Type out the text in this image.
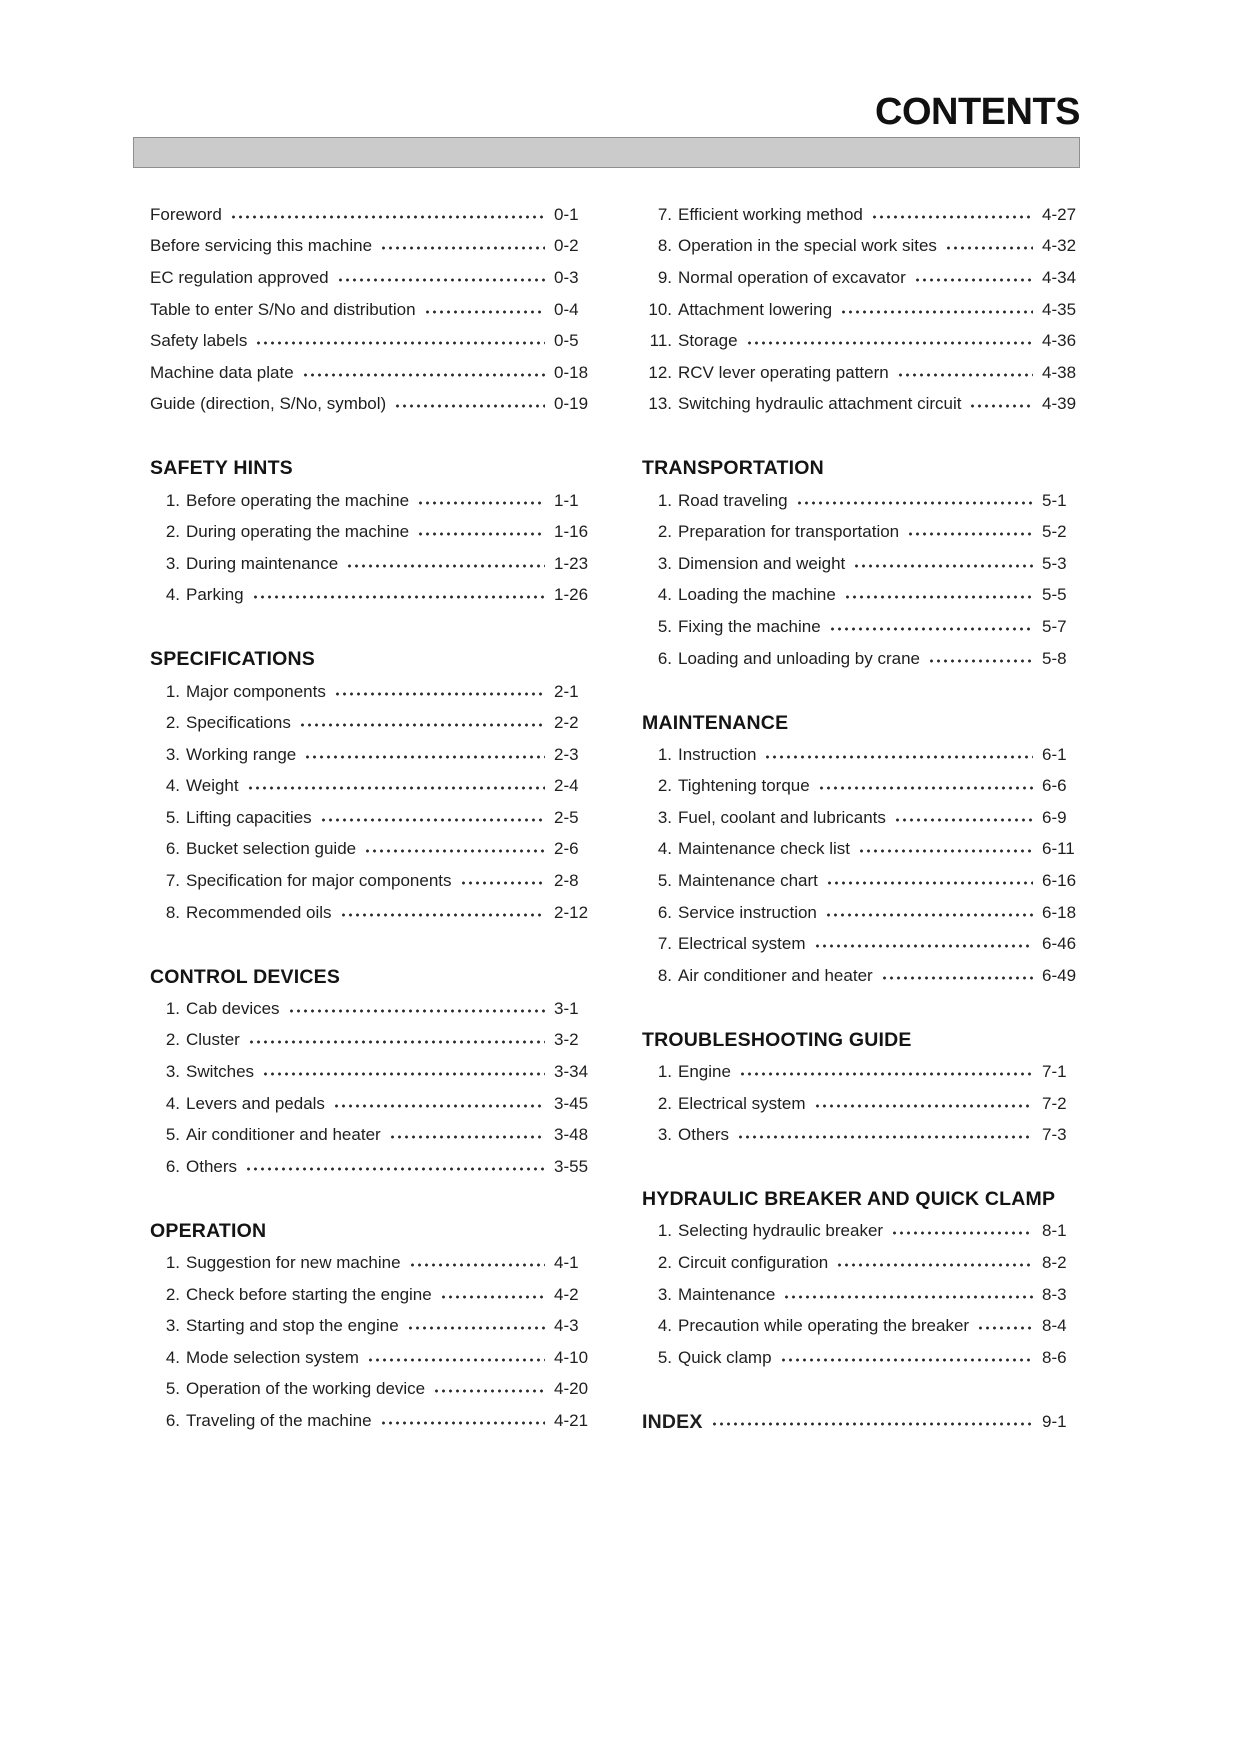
CONTENTS
Foreword	0-1
Before servicing this machine	0-2
EC regulation approved	0-3
Table to enter S/No and distribution	0-4
Safety labels	0-5
Machine data plate	0-18
Guide (direction, S/No, symbol)	0-19
SAFETY HINTS
1. Before operating the machine	1-1
2. During operating the machine	1-16
3. During maintenance	1-23
4. Parking	1-26
SPECIFICATIONS
1. Major components	2-1
2. Specifications	2-2
3. Working range	2-3
4. Weight	2-4
5. Lifting capacities	2-5
6. Bucket selection guide	2-6
7. Specification for major components	2-8
8. Recommended oils	2-12
CONTROL DEVICES
1. Cab devices	3-1
2. Cluster	3-2
3. Switches	3-34
4. Levers and pedals	3-45
5. Air conditioner and heater	3-48
6. Others	3-55
OPERATION
1. Suggestion for new machine	4-1
2. Check before starting the engine	4-2
3. Starting and stop the engine	4-3
4. Mode selection system	4-10
5. Operation of the working device	4-20
6. Traveling of the machine	4-21
7. Efficient working method	4-27
8. Operation in the special work sites	4-32
9. Normal operation of excavator	4-34
10. Attachment lowering	4-35
11. Storage	4-36
12. RCV lever operating pattern	4-38
13. Switching hydraulic attachment circuit	4-39
TRANSPORTATION
1. Road traveling	5-1
2. Preparation for transportation	5-2
3. Dimension and weight	5-3
4. Loading the machine	5-5
5. Fixing the machine	5-7
6. Loading and unloading by crane	5-8
MAINTENANCE
1. Instruction	6-1
2. Tightening torque	6-6
3. Fuel, coolant and lubricants	6-9
4. Maintenance check list	6-11
5. Maintenance chart	6-16
6. Service instruction	6-18
7. Electrical system	6-46
8. Air conditioner and heater	6-49
TROUBLESHOOTING GUIDE
1. Engine	7-1
2. Electrical system	7-2
3. Others	7-3
HYDRAULIC BREAKER AND QUICK CLAMP
1. Selecting hydraulic breaker	8-1
2. Circuit configuration	8-2
3. Maintenance	8-3
4. Precaution while operating the breaker	8-4
5. Quick clamp	8-6
INDEX	9-1
